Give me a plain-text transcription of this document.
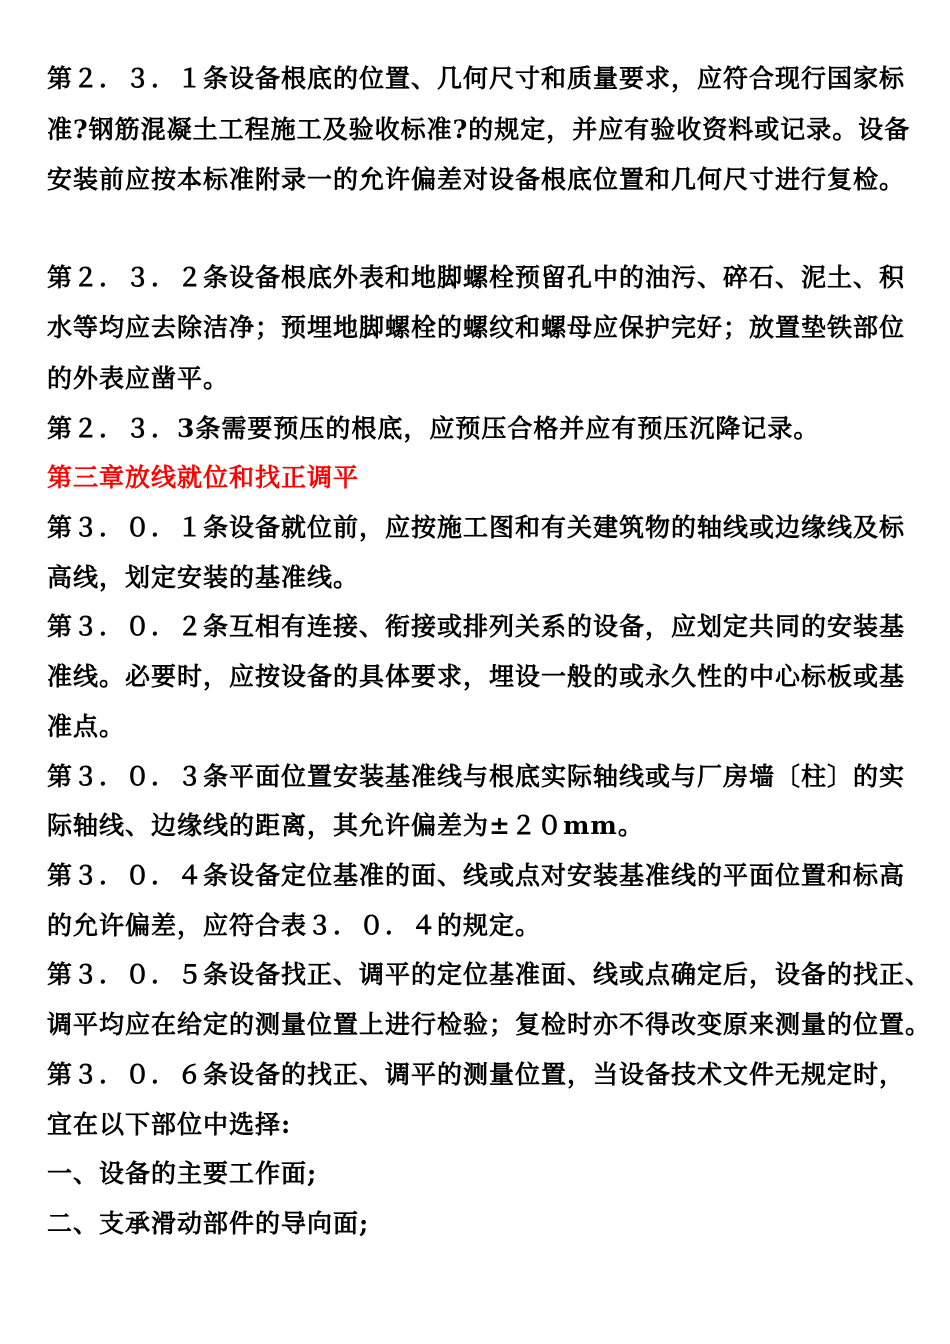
第２．３．１条设备根底的位置、几何尺寸和质量要求，应符合现行国家标
准?钢筋混凝土工程施工及验收标准?的规定，并应有验收资料或记录。设备
安装前应按本标准附录一的允许偏差对设备根底位置和几何尺寸进行复检。
第２．３．２条设备根底外表和地脚螺栓预留孔中的油污、碎石、泥土、积
水等均应去除洁净；预埋地脚螺栓的螺纹和螺母应保护完好；放置垫铁部位
的外表应凿平。
第２．３．3条需要预压的根底，应预压合格并应有预压沉降记录。
第三章放线就位和找正调平
第３．０．１条设备就位前，应按施工图和有关建筑物的轴线或边缘线及标
高线，划定安装的基准线。
第３．０．２条互相有连接、衔接或排列关系的设备，应划定共同的安装基
准线。必要时，应按设备的具体要求，埋设一般的或永久性的中心标板或基
准点。
第３．０．３条平面位置安装基准线与根底实际轴线或与厂房墙〔柱〕的实
际轴线、边缘线的距离，其允许偏差为±２０mm。
第３．０．４条设备定位基准的面、线或点对安装基准线的平面位置和标高
的允许偏差，应符合表３．０．４的规定。
第３．０．５条设备找正、调平的定位基准面、线或点确定后，设备的找正、
调平均应在给定的测量位置上进行检验；复检时亦不得改变原来测量的位置。
第３．０．６条设备的找正、调平的测量位置，当设备技术文件无规定时，
宜在以下部位中选择:
一、设备的主要工作面;
二、支承滑动部件的导向面;
